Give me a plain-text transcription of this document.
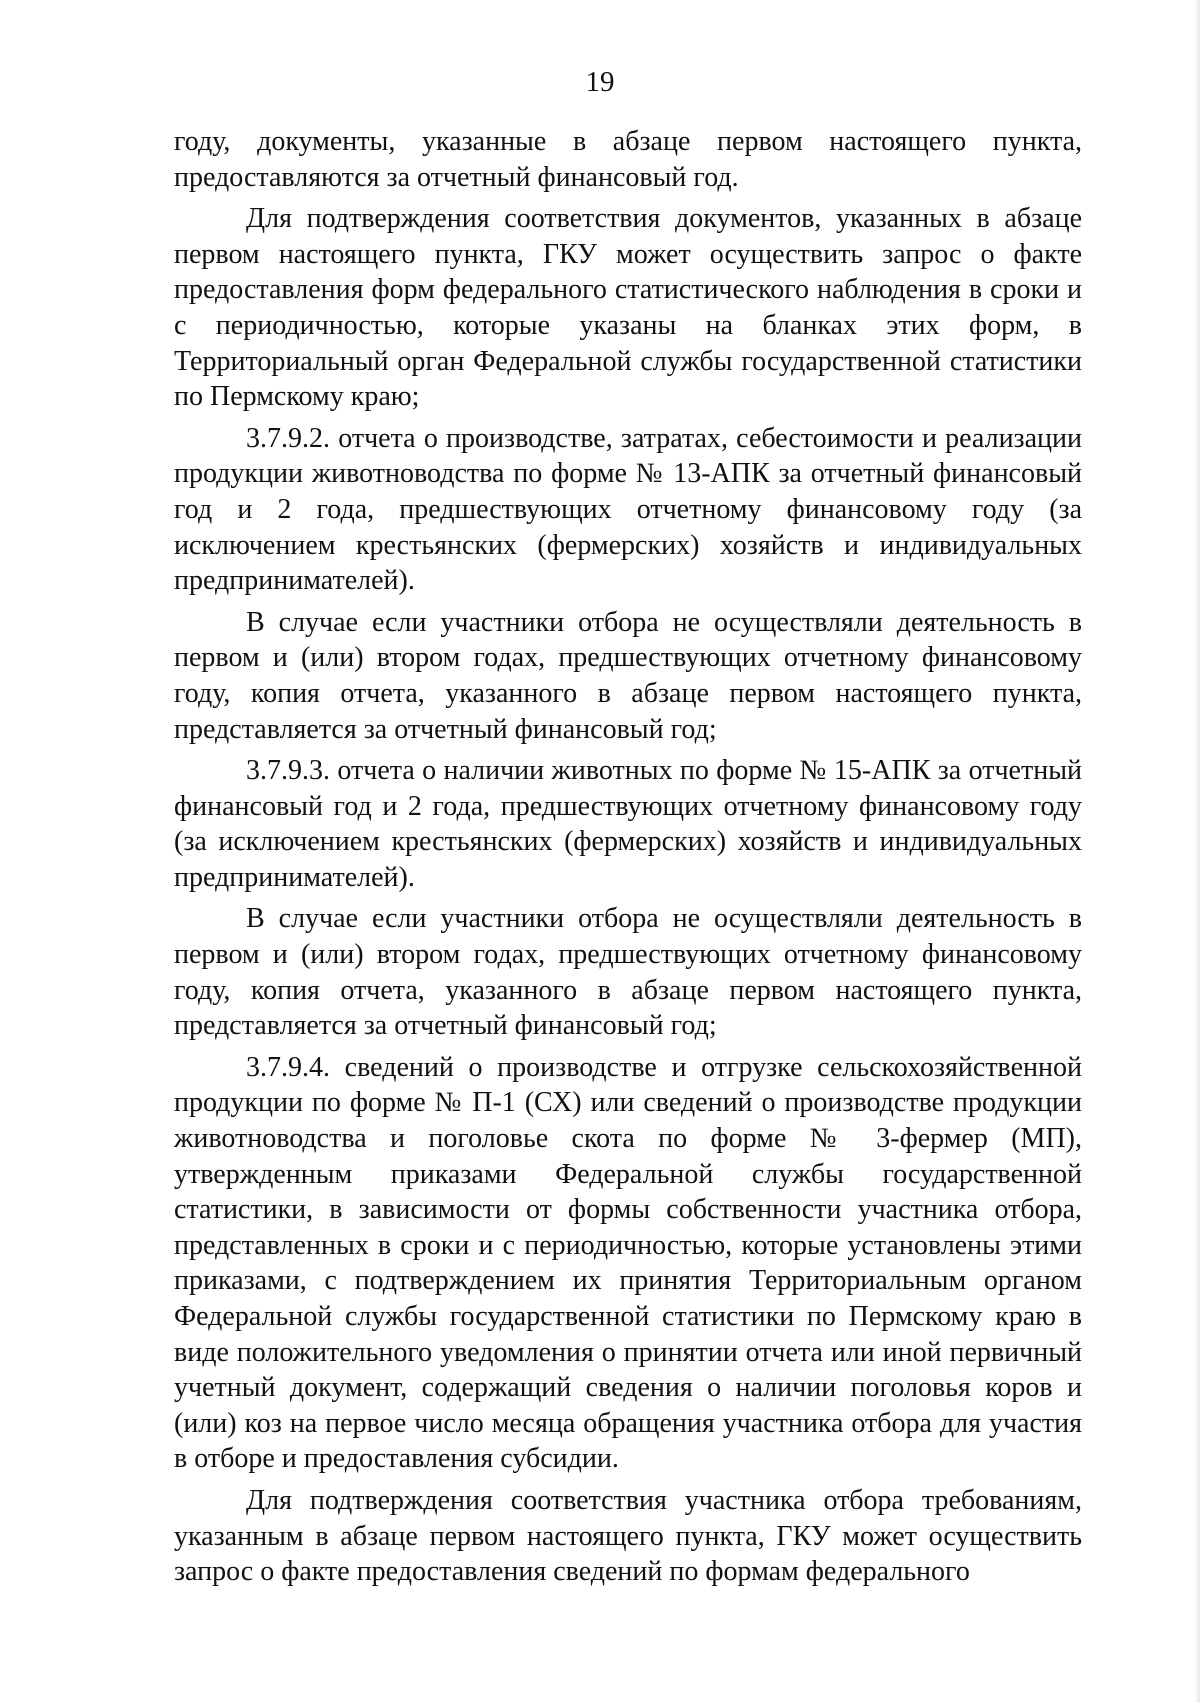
19

году, документы, указанные в абзаце первом настоящего пункта, предоставляются за отчетный финансовый год.

Для подтверждения соответствия документов, указанных в абзаце первом настоящего пункта, ГКУ может осуществить запрос о факте предоставления форм федерального статистического наблюдения в сроки и с периодичностью, которые указаны на бланках этих форм, в Территориальный орган Федеральной службы государственной статистики по Пермскому краю;

3.7.9.2. отчета о производстве, затратах, себестоимости и реализации продукции животноводства по форме № 13-АПК за отчетный финансовый год и 2 года, предшествующих отчетному финансовому году (за исключением крестьянских (фермерских) хозяйств и индивидуальных предпринимателей).

В случае если участники отбора не осуществляли деятельность в первом и (или) втором годах, предшествующих отчетному финансовому году, копия отчета, указанного в абзаце первом настоящего пункта, представляется за отчетный финансовый год;

3.7.9.3. отчета о наличии животных по форме № 15-АПК за отчетный финансовый год и 2 года, предшествующих отчетному финансовому году (за исключением крестьянских (фермерских) хозяйств и индивидуальных предпринимателей).

В случае если участники отбора не осуществляли деятельность в первом и (или) втором годах, предшествующих отчетному финансовому году, копия отчета, указанного в абзаце первом настоящего пункта, представляется за отчетный финансовый год;

3.7.9.4. сведений о производстве и отгрузке сельскохозяйственной продукции по форме № П-1 (СХ) или сведений о производстве продукции животноводства и поголовье скота по форме № 3-фермер (МП), утвержденным приказами Федеральной службы государственной статистики, в зависимости от формы собственности участника отбора, представленных в сроки и с периодичностью, которые установлены этими приказами, с подтверждением их принятия Территориальным органом Федеральной службы государственной статистики по Пермскому краю в виде положительного уведомления о принятии отчета или иной первичный учетный документ, содержащий сведения о наличии поголовья коров и (или) коз на первое число месяца обращения участника отбора для участия в отборе и предоставления субсидии.

Для подтверждения соответствия участника отбора требованиям, указанным в абзаце первом настоящего пункта, ГКУ может осуществить запрос о факте предоставления сведений по формам федерального
